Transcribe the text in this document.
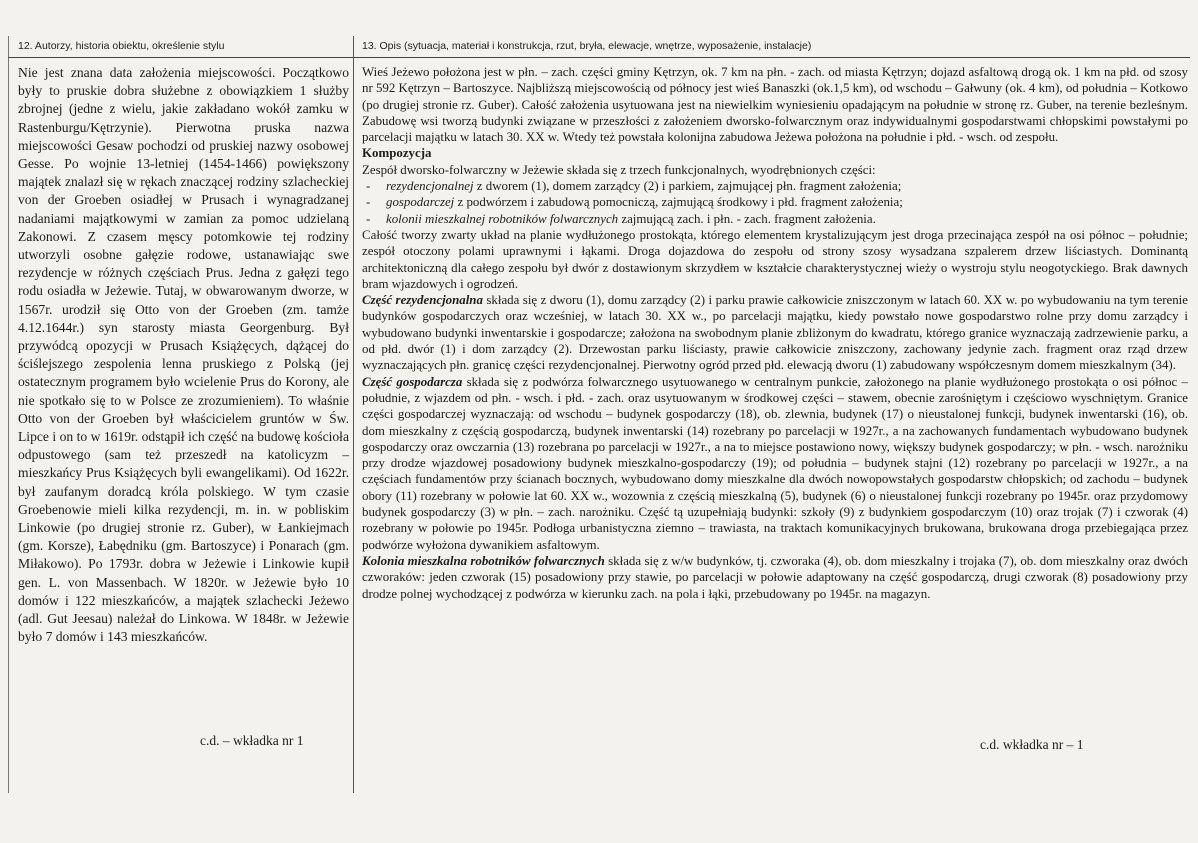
12. Autorzy, historia obiektu, określenie stylu	13. Opis (sytuacja, materiał i konstrukcja, rzut, bryła, elewacje, wnętrze, wyposażenie, instalacje)

Nie jest znana data założenia miejscowości. Początkowo były to pruskie dobra służebne z obowiązkiem 1 służby zbrojnej (jedne z wielu, jakie zakładano wokół zamku w Rastenburgu/Kętrzynie). Pierwotna pruska nazwa miejscowości Gesaw pochodzi od pruskiej nazwy osobowej Gesse. Po wojnie 13-letniej (1454-1466) powiększony majątek znalazł się w rękach znaczącej rodziny szlacheckiej von der Groeben osiadłej w Prusach i wynagradzanej nadaniami majątkowymi w zamian za pomoc udzielaną Zakonowi. Z czasem męscy potomkowie tej rodziny utworzyli osobne gałęzie rodowe, ustanawiając swe rezydencje w różnych częściach Prus. Jedna z gałęzi tego rodu osiadła w Jeżewie. Tutaj, w obwarowanym dworze, w 1567r. urodził się Otto von der Groeben (zm. tamże 4.12.1644r.) syn starosty miasta Georgenburg. Był przywódcą opozycji w Prusach Książęcych, dążącej do ściślejszego zespolenia lenna pruskiego z Polską (jej ostatecznym programem było wcielenie Prus do Korony, ale nie spotkało się to w Polsce ze zrozumieniem). To właśnie Otto von der Groeben był właścicielem gruntów w Św. Lipce i on to w 1619r. odstąpił ich część na budowę kościoła odpustowego (sam też przeszedł na katolicyzm – mieszkańcy Prus Książęcych byli ewangelikami). Od 1622r. był zaufanym doradcą króla polskiego. W tym czasie Groebenowie mieli kilka rezydencji, m. in. w pobliskim Linkowie (po drugiej stronie rz. Guber), w Łankiejmach (gm. Korsze), Łabędniku (gm. Bartoszyce) i Ponarach (gm. Miłakowo). Po 1793r. dobra w Jeżewie i Linkowie kupił gen. L. von Massenbach. W 1820r. w Jeżewie było 10 domów i 122 mieszkańców, a majątek szlachecki Jeżewo (adl. Gut Jeesau) należał do Linkowa. W 1848r. w Jeżewie było 7 domów i 143 mieszkańców.

c.d. – wkładka nr 1

Wieś Jeżewo położona jest w płn. – zach. części gminy Kętrzyn, ok. 7 km na płn. - zach. od miasta Kętrzyn; dojazd asfaltową drogą ok. 1 km na płd. od szosy nr 592 Kętrzyn – Bartoszyce. Najbliższą miejscowością od północy jest wieś Banaszki (ok.1,5 km), od wschodu – Gałwuny (ok. 4 km), od południa – Kotkowo (po drugiej stronie rz. Guber). Całość założenia usytuowana jest na niewielkim wyniesieniu opadającym na południe w stronę rz. Guber, na terenie bezleśnym. Zabudowę wsi tworzą budynki związane w przeszłości z założeniem dworsko-folwarcznym oraz indywidualnymi gospodarstwami chłopskimi powstałymi po parcelacji majątku w latach 30. XX w. Wtedy też powstała kolonijna zabudowa Jeżewa położona na południe i płd. - wsch. od zespołu.

Kompozycja

Zespół dworsko-folwarczny w Jeżewie składa się z trzech funkcjonalnych, wyodrębnionych części:

- rezydencjonalnej z dworem (1), domem zarządcy (2) i parkiem, zajmującej płn. fragment założenia;
- gospodarczej z podwórzem i zabudową pomocniczą, zajmującą środkowy i płd. fragment założenia;
- kolonii mieszkalnej robotników folwarcznych zajmującą zach. i płn. - zach. fragment założenia.

Całość tworzy zwarty układ na planie wydłużonego prostokąta, którego elementem krystalizującym jest droga przecinająca zespół na osi północ – południe; zespół otoczony polami uprawnymi i łąkami. Droga dojazdowa do zespołu od strony szosy wysadzana szpalerem drzew liściastych. Dominantą architektoniczną dla całego zespołu był dwór z dostawionym skrzydłem w kształcie charakterystycznej wieży o wystroju stylu neogotyckiego. Brak dawnych bram wjazdowych i ogrodzeń.

Część rezydencjonalna składa się z dworu (1), domu zarządcy (2) i parku prawie całkowicie zniszczonym w latach 60. XX w. po wybudowaniu na tym terenie budynków gospodarczych oraz wcześniej, w latach 30. XX w., po parcelacji majątku, kiedy powstało nowe gospodarstwo rolne przy domu zarządcy i wybudowano budynki inwentarskie i gospodarcze; założona na swobodnym planie zbliżonym do kwadratu, którego granice wyznaczają zadrzewienie parku, a od płd. dwór (1) i dom zarządcy (2). Drzewostan parku liściasty, prawie całkowicie zniszczony, zachowany jedynie zach. fragment oraz rząd drzew wyznaczających płn. granicę części rezydencjonalnej. Pierwotny ogród przed płd. elewacją dworu (1) zabudowany współczesnym domem mieszkalnym (34).

Część gospodarcza składa się z podwórza folwarcznego usytuowanego w centralnym punkcie, założonego na planie wydłużonego prostokąta o osi północ – południe, z wjazdem od płn. - wsch. i płd. - zach. oraz usytuowanym w środkowej części – stawem, obecnie zarośniętym i częściowo wyschniętym. Granice części gospodarczej wyznaczają: od wschodu – budynek gospodarczy (18), ob. zlewnia, budynek (17) o nieustalonej funkcji, budynek inwentarski (16), ob. dom mieszkalny z częścią gospodarczą, budynek inwentarski (14) rozebrany po parcelacji w 1927r., a na zachowanych fundamentach wybudowano budynek gospodarczy oraz owczarnia (13) rozebrana po parcelacji w 1927r., a na to miejsce postawiono nowy, większy budynek gospodarczy; w płn. - wsch. narożniku przy drodze wjazdowej posadowiony budynek mieszkalno-gospodarczy (19); od południa – budynek stajni (12) rozebrany po parcelacji w 1927r., a na częściach fundamentów przy ścianach bocznych, wybudowano domy mieszkalne dla dwóch nowopowstałych gospodarstw chłopskich; od zachodu – budynek obory (11) rozebrany w połowie lat 60. XX w., wozownia z częścią mieszkalną (5), budynek (6) o nieustalonej funkcji rozebrany po 1945r. oraz przydomowy budynek gospodarczy (3) w płn. – zach. narożniku. Część tą uzupełniają budynki: szkoły (9) z budynkiem gospodarczym (10) oraz trojak (7) i czworak (4) rozebrany w połowie po 1945r. Podłoga urbanistyczna ziemno – trawiasta, na traktach komunikacyjnych brukowana, brukowana droga przebiegająca przez podwórze wyłożona dywanikiem asfaltowym.

Kolonia mieszkalna robotników folwarcznych składa się z w/w budynków, tj. czworaka (4), ob. dom mieszkalny i trojaka (7), ob. dom mieszkalny oraz dwóch czworaków: jeden czworak (15) posadowiony przy stawie, po parcelacji w połowie adaptowany na część gospodarczą, drugi czworak (8) posadowiony przy drodze polnej wychodzącej z podwórza w kierunku zach. na pola i łąki, przebudowany po 1945r. na magazyn.

c.d. wkładka nr – 1
